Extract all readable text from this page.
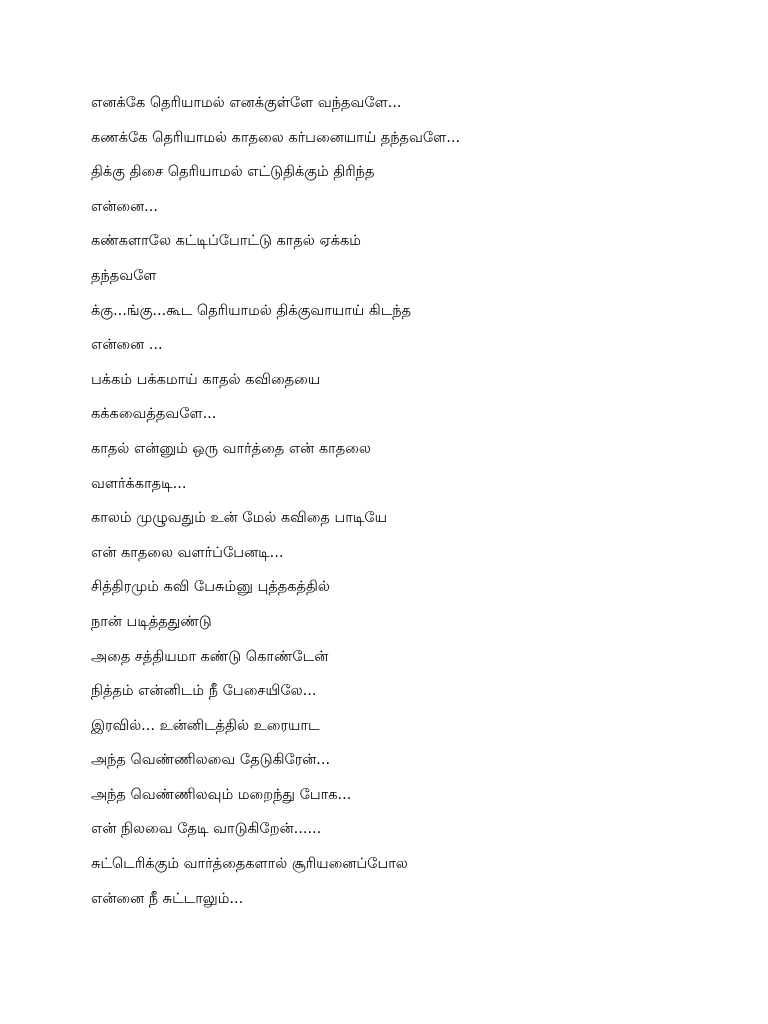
எனக்கே தெரியாமல் எனக்குள்ளே வந்தவளே...
கணக்கே தெரியாமல் காதலை கர்பனையாய் தந்தவளே...
திக்கு திசை தெரியாமல் எட்டுதிக்கும் திரிந்த
என்னை...
கண்களாலே கட்டிப்போட்டு காதல் ஏக்கம்
தந்தவளே
க்கு...ங்கு...கூட தெரியாமல் திக்குவாயாய் கிடந்த
என்னை ...
பக்கம் பக்கமாய் காதல் கவிதையை
கக்கவைத்தவளே...
காதல் என்னும் ஒரு வார்த்தை என் காதலை
வளர்க்காதடி...
காலம் முழுவதும் உன் மேல் கவிதை பாடியே
என் காதலை வளர்ப்பேனடி...
சித்திரமும் கவி பேசும்னு புத்தகத்தில்
நான் படித்ததுண்டு
அதை சத்தியமா கண்டு கொண்டேன்
நித்தம் என்னிடம் நீ பேசையிலே...
இரவில்... உன்னிடத்தில் உரையாட
அந்த வெண்ணிலவை தேடுகிரேன்...
அந்த வெண்ணிலவும் மறைந்து போக...
என் நிலவை தேடி வாடுகிறேன்......
சுட்டெரிக்கும் வார்த்தைகளால் சூரியனைப்போல
என்னை நீ சுட்டாலும்...
